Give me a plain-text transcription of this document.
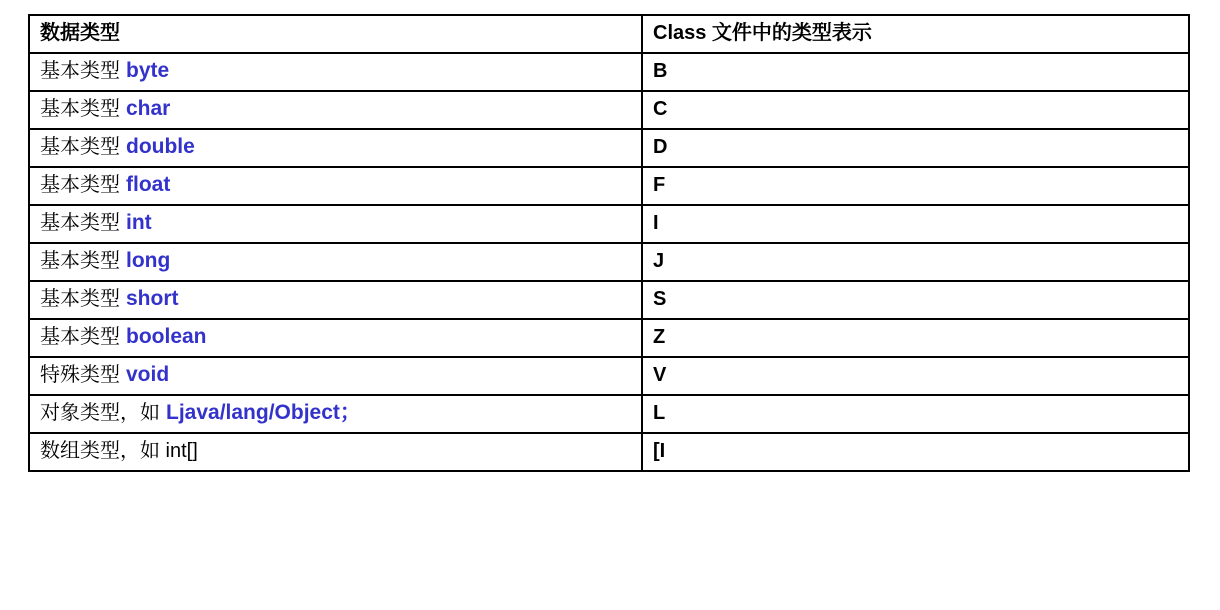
数据类型	Class 文件中的类型表示
基本类型 byte	B
基本类型 char	C
基本类型 double	D
基本类型 float	F
基本类型 int	I
基本类型 long	J
基本类型 short	S
基本类型 boolean	Z
特殊类型 void	V
对象类型，如 Ljava/lang/Object；	L
数组类型，如 int[]	[I
